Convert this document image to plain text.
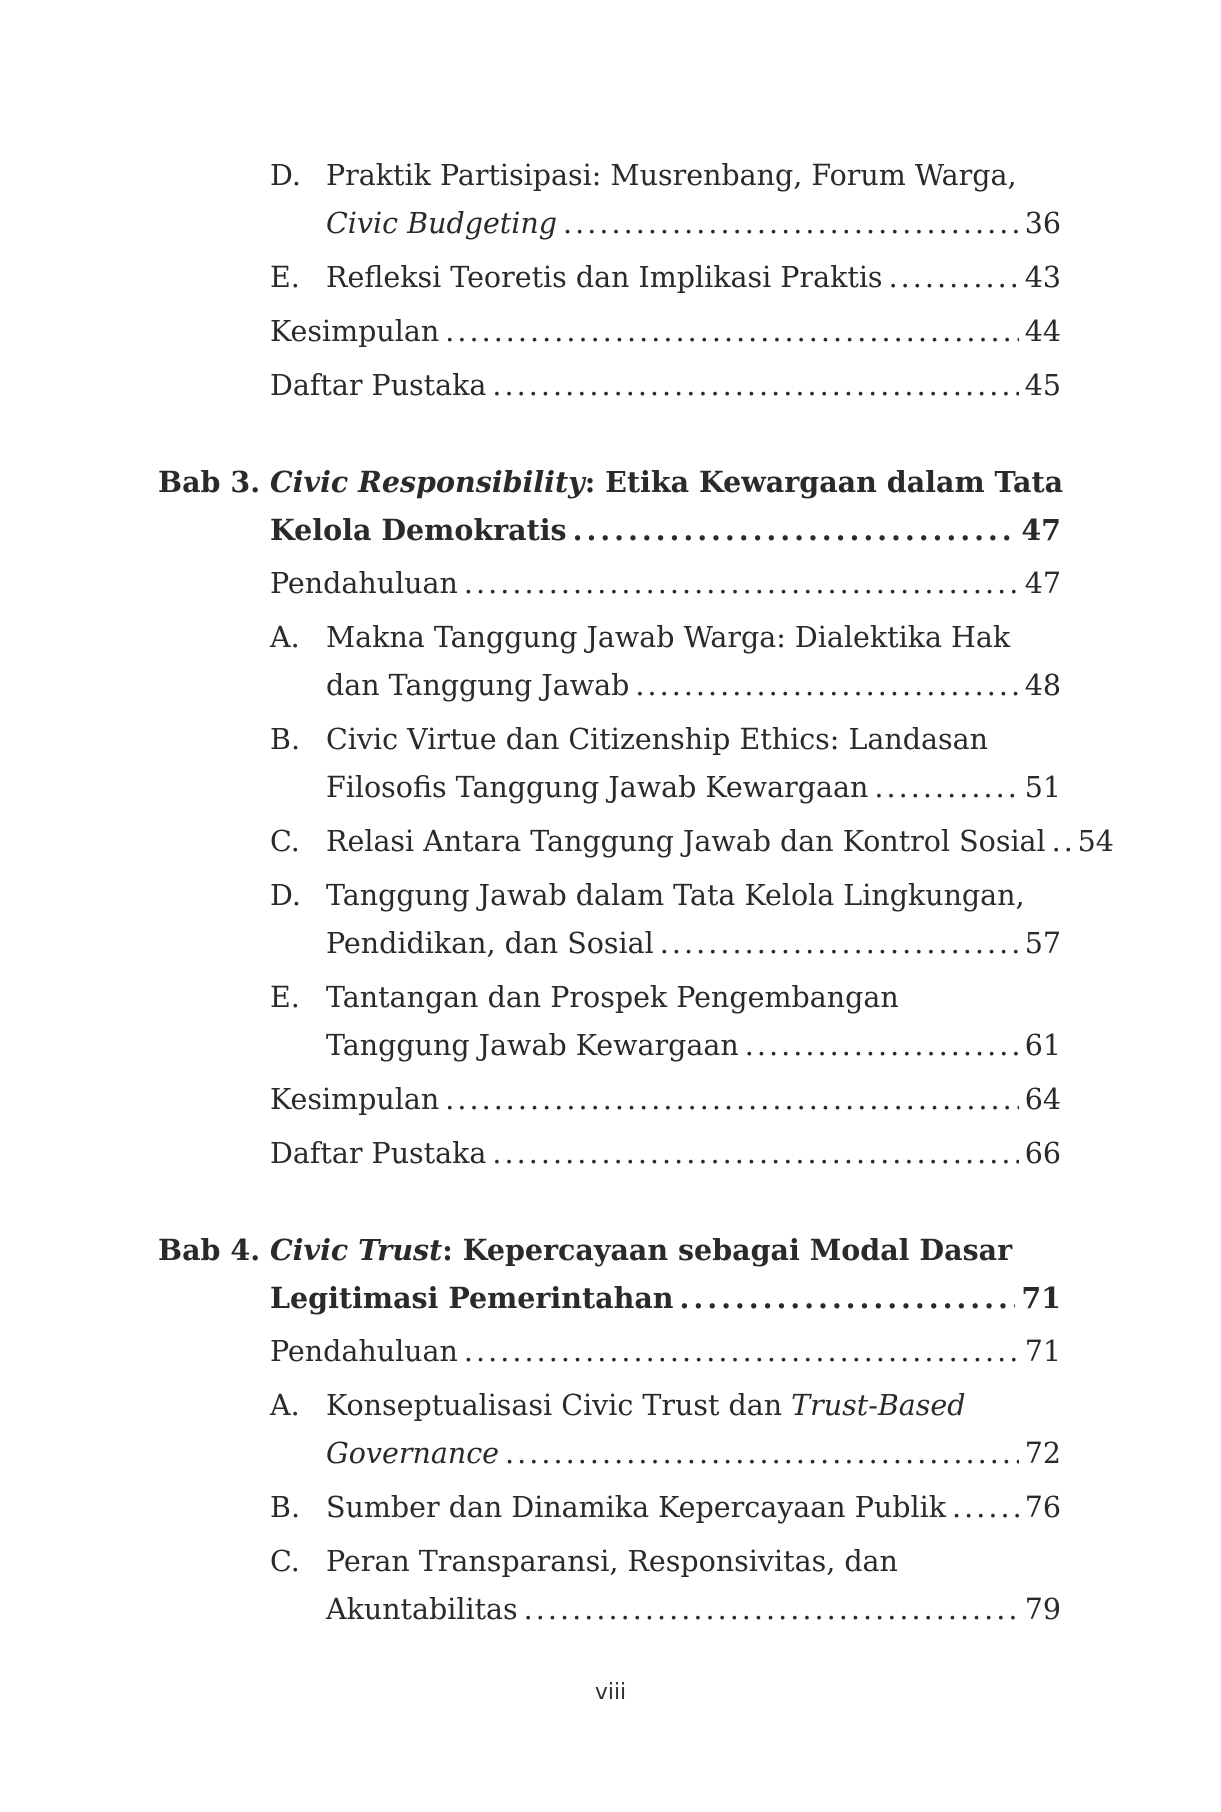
D. Praktik Partisipasi: Musrenbang, Forum Warga,
Civic Budgeting . . .	36
E. Refleksi Teoretis dan Implikasi Praktis . . .	43
Kesimpulan . . .	44
Daftar Pustaka . . .	45
Bab 3. Civic Responsibility : Etika Kewargaan dalam Tata
Kelola Demokratis . . .	47
Pendahuluan . . .	47
A. Makna Tanggung Jawab Warga: Dialektika Hak
dan Tanggung Jawab . . .	48
B. Civic Virtue dan Citizenship Ethics: Landasan
Filosofis Tanggung Jawab Kewargaan . . .	51
C. Relasi Antara Tanggung Jawab dan Kontrol Sosial . . . 54
D. Tanggung Jawab dalam Tata Kelola Lingkungan,
Pendidikan, dan Sosial . . .	57
E. Tantangan dan Prospek Pengembangan
Tanggung Jawab Kewargaan . . .	61
Kesimpulan . . .	64
Daftar Pustaka . . .	66
Bab 4. Civic Trust : Kepercayaan sebagai Modal Dasar
Legitimasi Pemerintahan . . .	71
Pendahuluan . . .	71
A. Konseptualisasi Civic Trust dan Trust-Based
Governance . . .	72
B. Sumber dan Dinamika Kepercayaan Publik . . .	76
C. Peran Transparansi, Responsivitas, dan
Akuntabilitas . . .	79
viii
